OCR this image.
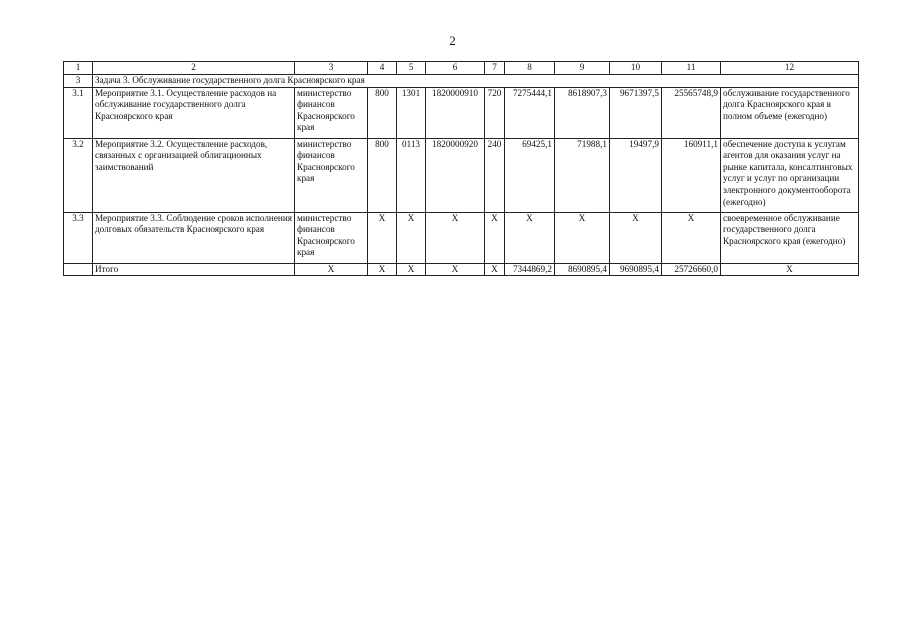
2
1	2	3	4	5	6	7	8	9	10	11	12
3	Задача 3. Обслуживание государственного долга Красноярского края										
3.1	Мероприятие 3.1. Осуществление расходов на обслуживание государственного долга Красноярского края	министерство финансов Красноярского края	800	1301	1820000910	720	7275444,1	8618907,3	9671397,5	25565748,9	обслуживание государственного долга Красноярского края в полном объеме (ежегодно)
3.2	Мероприятие 3.2. Осуществление расходов, связанных с организацией облигационных заимствований	министерство финансов Красноярского края	800	0113	1820000920	240	69425,1	71988,1	19497,9	160911,1	обеспечение доступа к услугам агентов для оказания услуг на рынке капитала, консалтинговых услуг и услуг по организации электронного документооборота (ежегодно)
3.3	Мероприятие 3.3. Соблюдение сроков исполнения долговых обязательств Красноярского края	министерство финансов Красноярского края	X	X	X	X	X	X	X	X	своевременное обслуживание государственного долга Красноярского края (ежегодно)
	Итого	X	X	X	X	X	7344869,2	8690895,4	9690895,4	25726660,0	X
